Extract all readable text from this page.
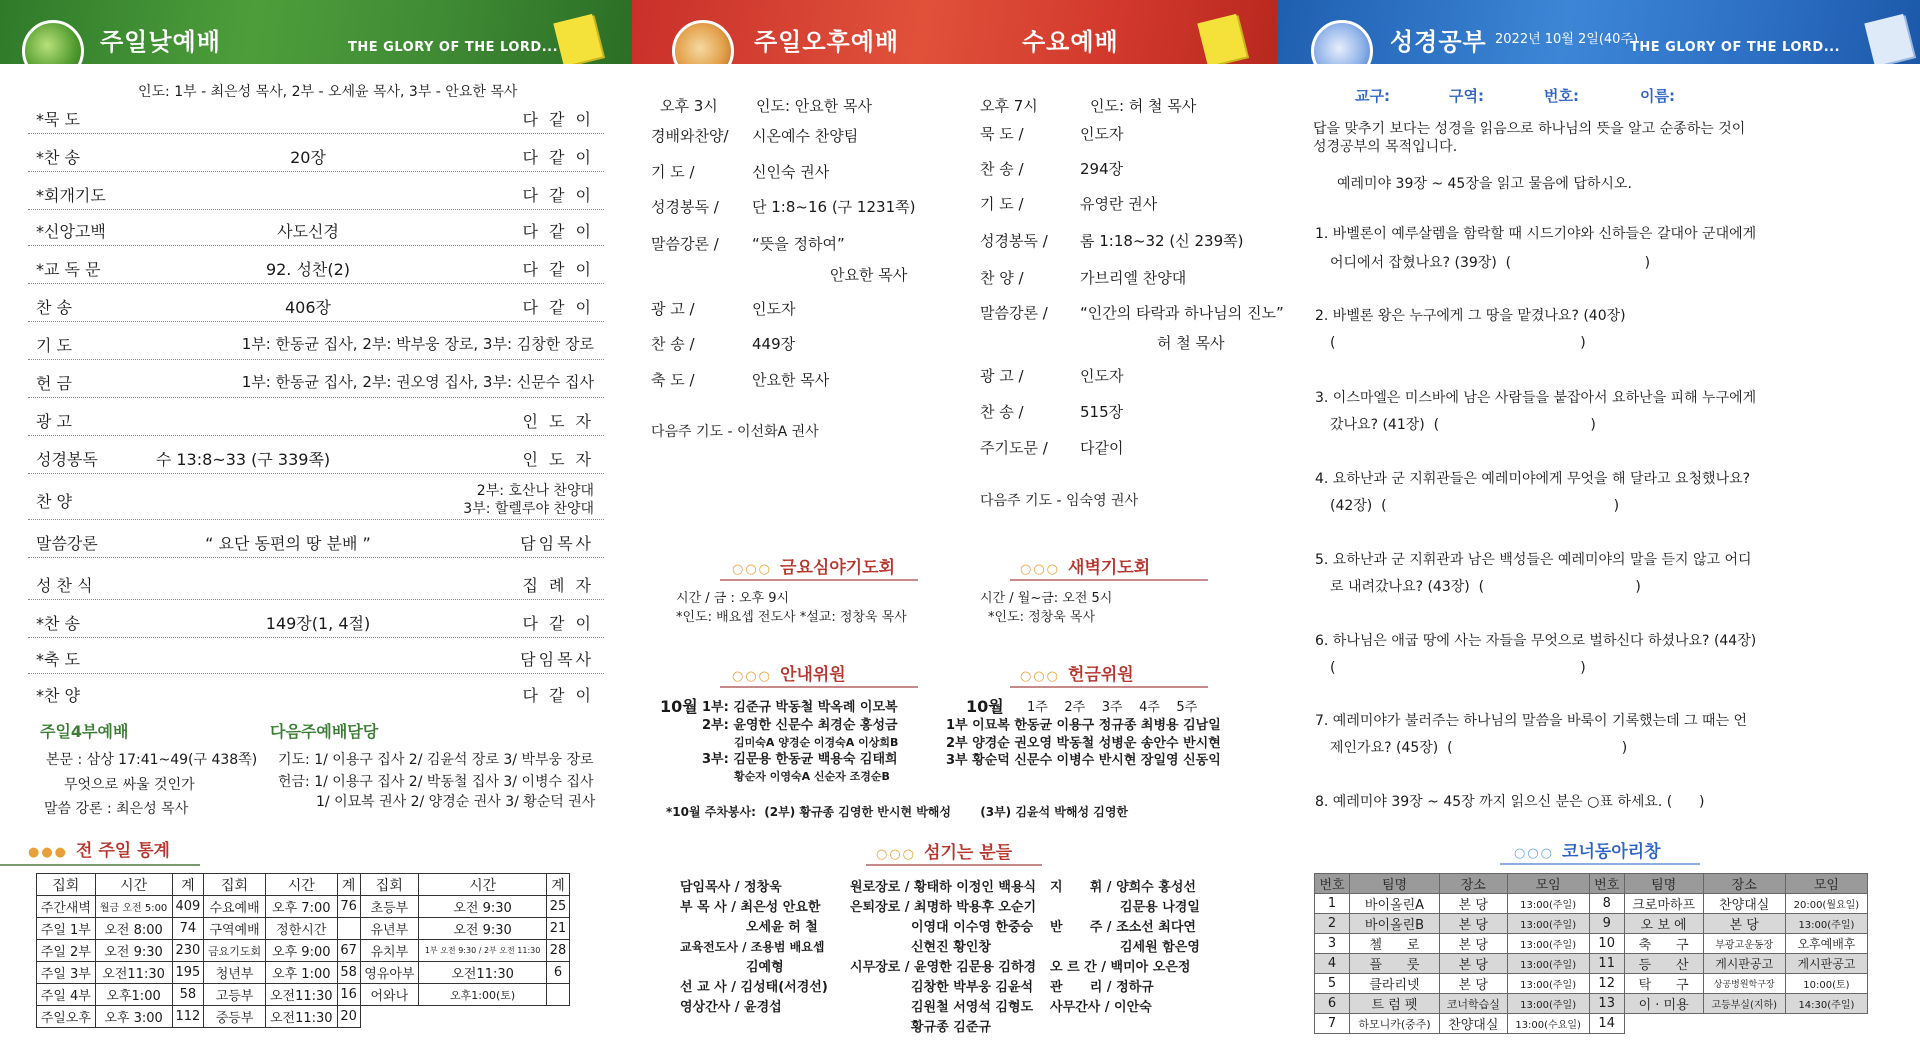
주일낮예배	THE GLORY OF THE LORD...	주일오후예배	수요예배	성경공부 2022년 10월 2일(40주)
THE GLORY OF THE LORD...
인도: 1부 - 최은성 목사, 2부 - 오세윤 목사, 3부 - 안요한 목사
*묵 도	다 같 이
*찬 송	20장	다 같 이
*회개기도	다 같 이
*신앙고백	사도신경	다 같 이
*교 독 문	92. 성찬(2)	다 같 이
찬 송	406장	다 같 이
기 도	1부: 한동균 집사, 2부: 박부웅 장로, 3부: 김창한 장로
헌 금	1부: 한동균 집사, 2부: 권오영 집사, 3부: 신문수 집사
광 고	인 도 자
성경봉독	수 13:8~33 (구 339쪽)	인 도 자
찬 양
2부: 호산나 찬양대
3부: 할렐루야 찬양대
말씀강론	“ 요단 동편의 땅 분배 ”	담임목사
성 찬 식	집 례 자
*찬 송	149장(1, 4절)	다 같 이
*축 도	담임목사
*찬 양	다 같 이
주일4부예배
본문 : 삼상 17:41~49(구 438쪽)
무엇으로 싸울 것인가
말씀 강론 : 최은성 목사
다음주예배담당
기도: 1/ 이용구 집사 2/ 김윤석 장로 3/ 박부웅 장로
헌금: 1/ 이용구 집사 2/ 박동철 집사 3/ 이병수 집사
1/ 이묘복 권사 2/ 양경순 권사 3/ 황순덕 권사
●●● 전 주일 통계
집회	시간	계	집회	시간	계	집회	시간	계
주간새벽	월금 오전 5:00	409	수요예배	오후 7:00	76	초등부	오전 9:30	25
주일 1부	오전 8:00	74	구역예배	정한시간		유년부	오전 9:30	21
주일 2부	오전 9:30	230	금요기도회	오후 9:00	67	유치부	1부 오전 9:30 / 2부 오전 11:30	28
주일 3부	오전11:30	195	청년부	오후 1:00	58	영유아부	오전11:30	6
주일 4부	오후1:00	58	고등부	오전11:30	16	어와나	오후1:00(토)	
주일오후	오후 3:00	112	중등부	오전11:30	20			
오후 3시	인도: 안요한 목사
경배와찬양/ 시온예수 찬양팀
기 도 /	신인숙 권사
성경봉독 / 단 1:8~16 (구 1231쪽)
말씀강론 / “뜻을 정하여”
안요한 목사
광 고 /	인도자
찬 송 /	449장
축 도 /	안요한 목사
다음주 기도 - 이선화A 권사
오후 7시	인도: 허 철 목사
묵 도 /	인도자
찬 송 /	294장
기 도 /	유영란 권사
성경봉독 / 롬 1:18~32 (신 239쪽)
찬 양 /	가브리엘 찬양대
말씀강론 / “인간의 타락과 하나님의 진노”
허 철 목사
광 고 /	인도자
찬 송 /	515장
주기도문 / 다같이
다음주 기도 - 임숙영 권사
○○○ 금요심야기도회
시간 / 금 : 오후 9시
*인도: 배요셉 전도사 *설교: 정창욱 목사
○○○ 새벽기도회
시간 / 월~금: 오전 5시
*인도: 정창욱 목사
○○○ 안내위원
10월 1부: 김준규 박동철 박옥례 이모복
2부: 윤영한 신문수 최경순 홍성금
김미숙A 양경순 이경숙A 이상희B
3부: 김문용 한동균 백용숙 김태희
황순자 이영숙A 신순자 조경순B
○○○ 헌금위원
10월 1주    2주    3주    4주    5주
1부 이묘복 한동균 이용구 정규종 최병용 김남일
2부 양경순 권오영 박동철 성병운 송안수 반시현
3부 황순덕 신문수 이병수 반시현 장일영 신동익
*10월 주차봉사:  (2부) 황규종 김영한 반시현 박해성       (3부) 김윤석 박해성 김영한
○○○ 섬기는 분들
담임목사 / 정창욱
부 목 사 / 최은성 안요한
오세윤 허 철
교육전도사 / 조용범 배요셉
김예형
선 교 사 / 김성태(서경선)
영상간사 / 윤경섭
원로장로 / 황태하 이정인 백용식
은퇴장로 / 최명하 박용후 오순기
이영대 이수영 한중승
신현진 황인창
시무장로 / 윤영한 김문용 김하경
김창한 박부웅 김윤석
김원철 서영석 김형도
황규종 김준규
지      휘 / 양희수 홍성선
김문용 나경일
반      주 / 조소선 최다연
김세원 함은영
오 르 간 / 백미아 오은정
관      리 / 정하규
사무간사 / 이안숙
교구:	구역:	번호:	이름:
답을 맞추기 보다는 성경을 읽음으로 하나님의 뜻을 알고 순종하는 것이
성경공부의 목적입니다.
예레미야 39장 ~ 45장을 읽고 물음에 답하시오.
1. 바벨론이 예루살렘을 함락할 때 시드기야와 신하들은 갈대아 군대에게
어디에서 잡혔나요? (39장)  (                              )
2. 바벨론 왕은 누구에게 그 땅을 맡겼나요? (40장)
(                                                       )
3. 이스마엘은 미스바에 남은 사람들을 붙잡아서 요하난을 피해 누구에게
갔나요? (41장)  (                                  )
4. 요하난과 군 지휘관들은 예레미야에게 무엇을 해 달라고 요청했나요?
(42장)  (                                                   )
5. 요하난과 군 지휘관과 남은 백성들은 예레미야의 말을 듣지 않고 어디
로 내려갔나요? (43장)  (                                  )
6. 하나님은 애굽 땅에 사는 자들을 무엇으로 벌하신다 하셨나요? (44장)
(                                                       )
7. 예레미야가 불러주는 하나님의 말씀을 바룩이 기록했는데 그 때는 언
제인가요? (45장)  (                                      )
8. 예레미야 39장 ~ 45장 까지 읽으신 분은 ○표 하세요. (      )
○○○ 코너동아리창
번호	팀명	장소	모임	번호	팀명	장소	모임
1	바이올린A	본 당	13:00(주일)	8	크로마하프	찬양대실	20:00(월요일)
2	바이올린B	본 당	13:00(주일)	9	오 보 에	본 당	13:00(주일)
3	첼      로	본 당	13:00(주일)	10	축      구	부광고운동장	오후예배후
4	플      룻	본 당	13:00(주일)	11	등      산	게시판공고	게시판공고
5	클라리넷	본 당	13:00(주일)	12	탁      구	상공병원학구장	10:00(토)
6	트 럼 펫	코너학습실	13:00(주일)	13	이 · 미용	고등부실(지하)	14:30(주일)
7	하모니카(중주)	찬양대실	13:00(수요일)	14			
